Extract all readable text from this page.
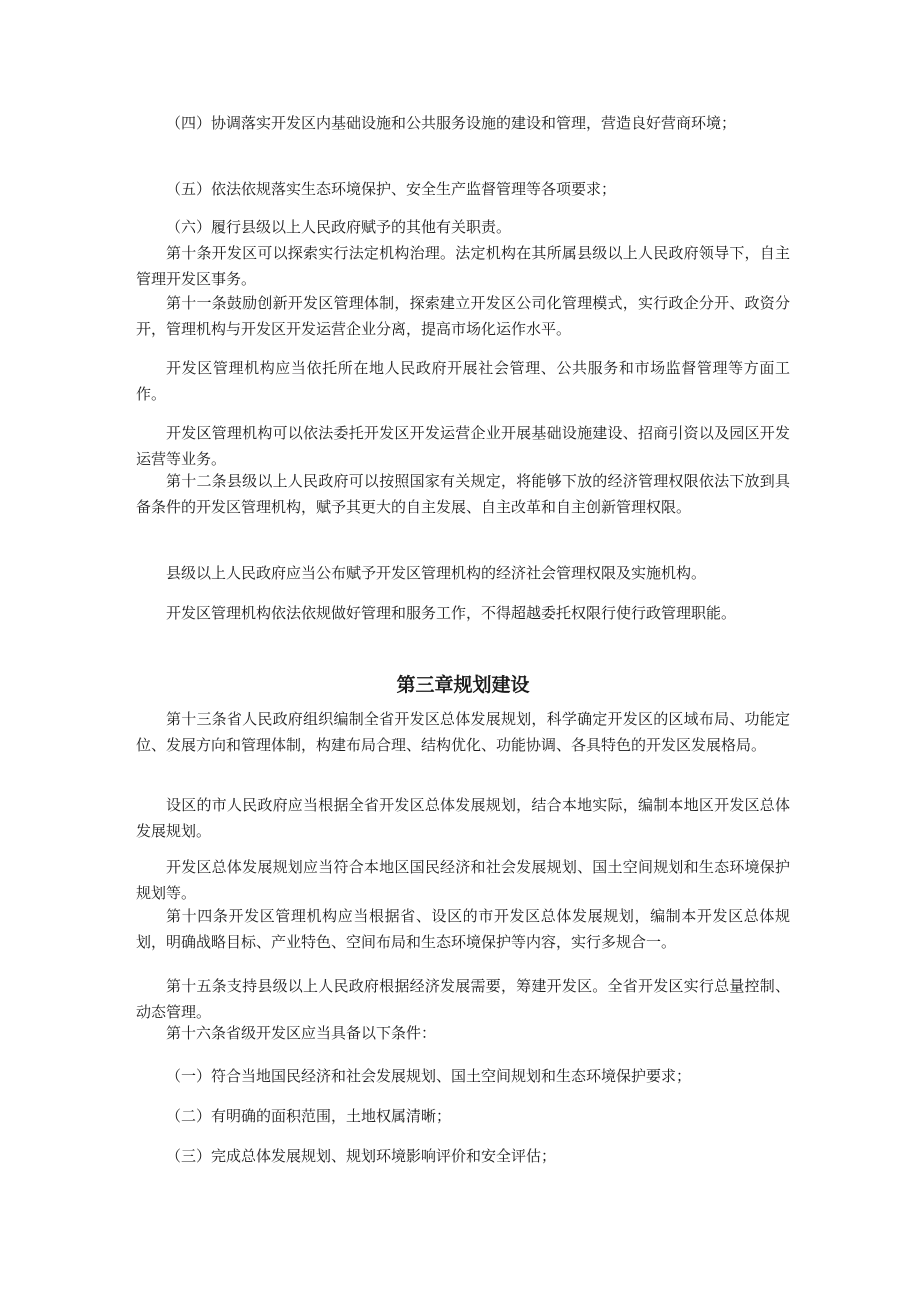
（四）协调落实开发区内基础设施和公共服务设施的建设和管理，营造良好营商环境；

（五）依法依规落实生态环境保护、安全生产监督管理等各项要求；

（六）履行县级以上人民政府赋予的其他有关职责。

第十条开发区可以探索实行法定机构治理。法定机构在其所属县级以上人民政府领导下，自主管理开发区事务。

第十一条鼓励创新开发区管理体制，探索建立开发区公司化管理模式，实行政企分开、政资分开，管理机构与开发区开发运营企业分离，提高市场化运作水平。

开发区管理机构应当依托所在地人民政府开展社会管理、公共服务和市场监督管理等方面工作。

开发区管理机构可以依法委托开发区开发运营企业开展基础设施建设、招商引资以及园区开发运营等业务。

第十二条县级以上人民政府可以按照国家有关规定，将能够下放的经济管理权限依法下放到具备条件的开发区管理机构，赋予其更大的自主发展、自主改革和自主创新管理权限。

县级以上人民政府应当公布赋予开发区管理机构的经济社会管理权限及实施机构。

开发区管理机构依法依规做好管理和服务工作，不得超越委托权限行使行政管理职能。

第三章规划建设

第十三条省人民政府组织编制全省开发区总体发展规划，科学确定开发区的区域布局、功能定位、发展方向和管理体制，构建布局合理、结构优化、功能协调、各具特色的开发区发展格局。

设区的市人民政府应当根据全省开发区总体发展规划，结合本地实际，编制本地区开发区总体发展规划。

开发区总体发展规划应当符合本地区国民经济和社会发展规划、国土空间规划和生态环境保护规划等。

第十四条开发区管理机构应当根据省、设区的市开发区总体发展规划，编制本开发区总体规划，明确战略目标、产业特色、空间布局和生态环境保护等内容，实行多规合一。

第十五条支持县级以上人民政府根据经济发展需要，筹建开发区。全省开发区实行总量控制、动态管理。

第十六条省级开发区应当具备以下条件：

（一）符合当地国民经济和社会发展规划、国土空间规划和生态环境保护要求；

（二）有明确的面积范围，土地权属清晰；

（三）完成总体发展规划、规划环境影响评价和安全评估；
